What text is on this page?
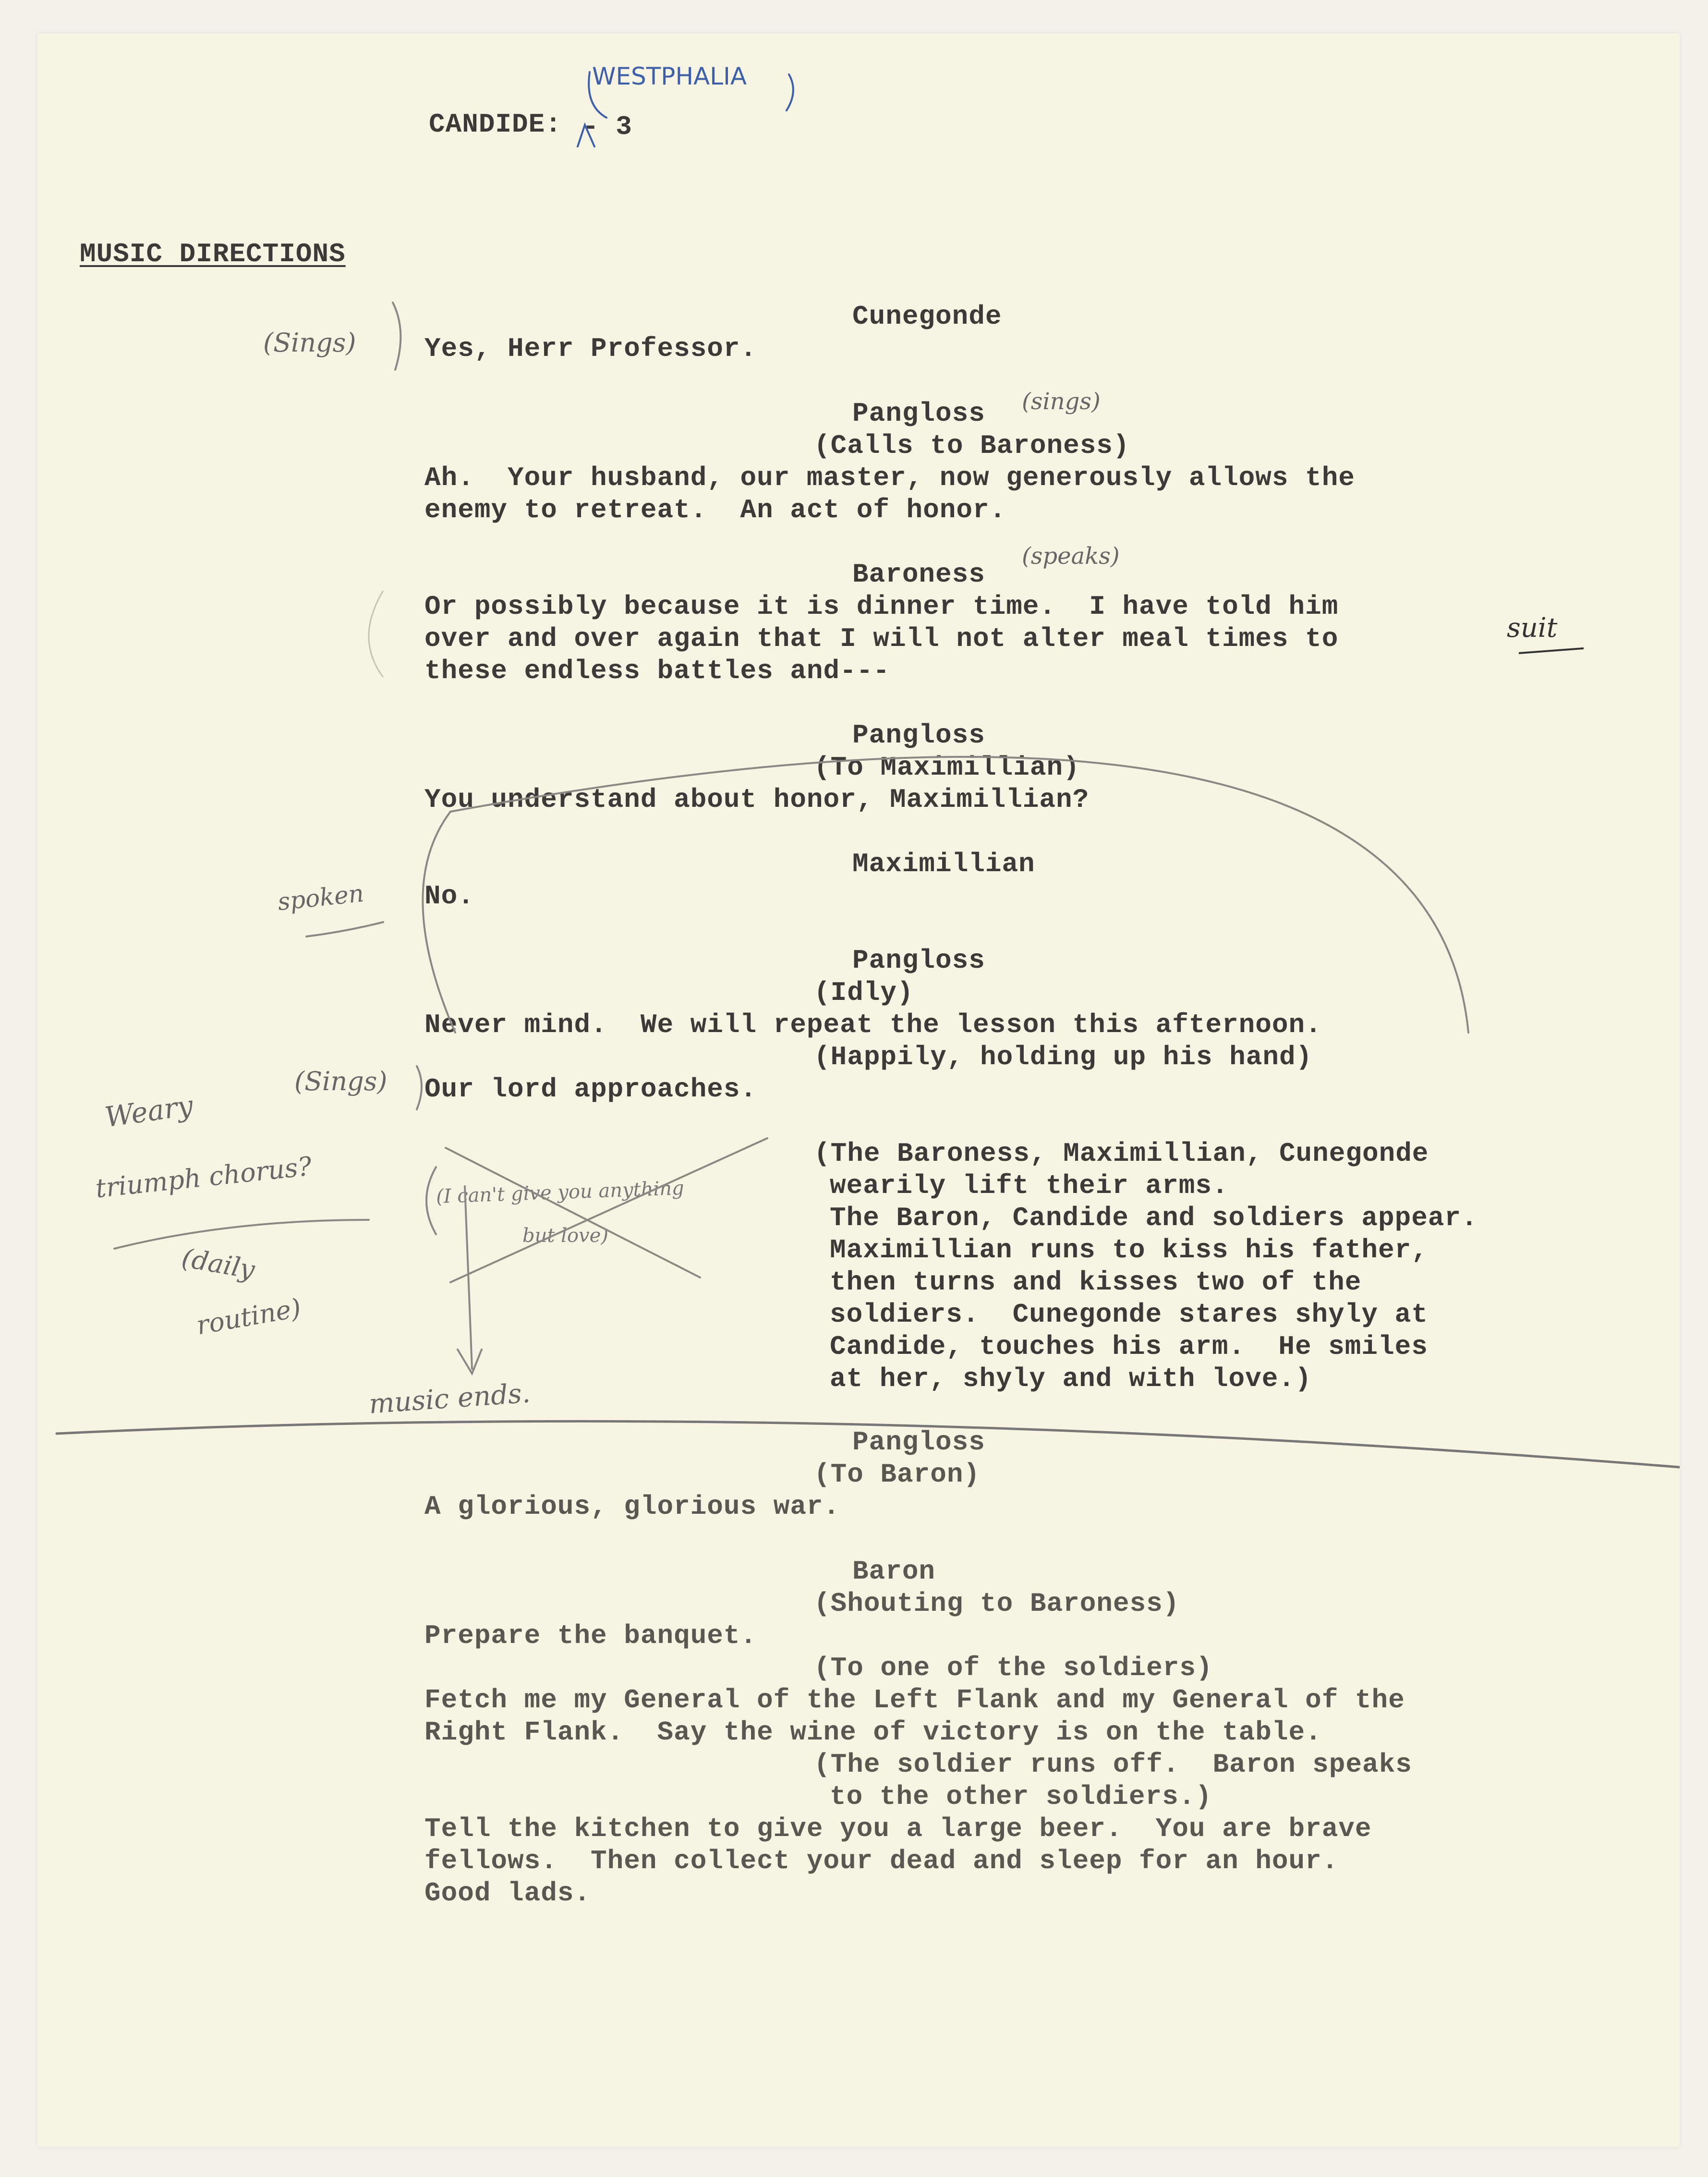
CANDIDE: - 3
WESTPHALIA
MUSIC DIRECTIONS
Cunegonde
Yes, Herr Professor.
Pangloss
(Calls to Baroness)
Ah.  Your husband, our master, now generously allows the
enemy to retreat.  An act of honor.
Baroness
Or possibly because it is dinner time.  I have told him
over and over again that I will not alter meal times to
these endless battles and---
Pangloss
(To Maximillian)
You understand about honor, Maximillian?
Maximillian
No.
Pangloss
(Idly)
Never mind.  We will repeat the lesson this afternoon.
(Happily, holding up his hand)
Our lord approaches.
(The Baroness, Maximillian, Cunegonde
wearily lift their arms.
The Baron, Candide and soldiers appear.
Maximillian runs to kiss his father,
then turns and kisses two of the
soldiers.  Cunegonde stares shyly at
Candide, touches his arm.  He smiles
at her, shyly and with love.)
Pangloss
(To Baron)
A glorious, glorious war.
Baron
(Shouting to Baroness)
Prepare the banquet.
(To one of the soldiers)
Fetch me my General of the Left Flank and my General of the
Right Flank.  Say the wine of victory is on the table.
(The soldier runs off.  Baron speaks
to the other soldiers.)
Tell the kitchen to give you a large beer.  You are brave
fellows.  Then collect your dead and sleep for an hour.
Good lads.
(Sings)
(sings)
(speaks)
suit
spoken
(Sings)
Weary
triumph chorus?
(daily
routine)
(I can't give you anything
but love)
music ends.
